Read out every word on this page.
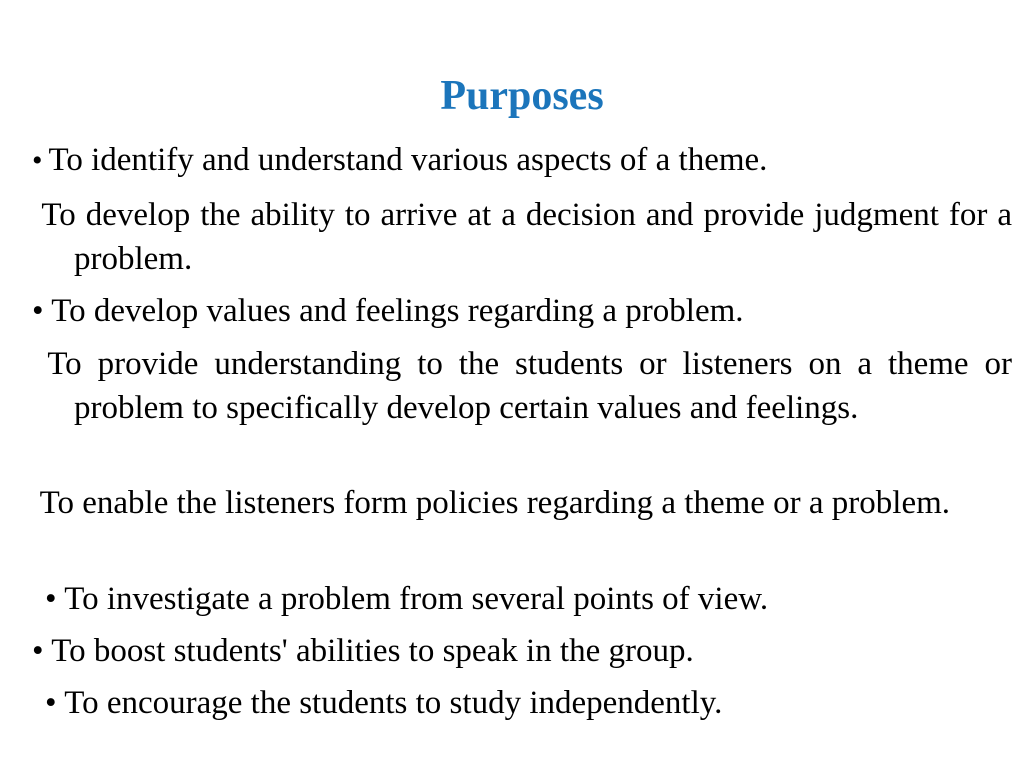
Purposes
• To identify and understand various aspects of a theme.
To develop the ability to arrive at a decision and provide judgment for a problem.
• To develop values and feelings regarding a problem.
To provide understanding to the students or listeners on a theme or problem to specifically develop certain values and feelings.
To enable the listeners form policies regarding a theme or a problem.
• To investigate a problem from several points of view.
• To boost students' abilities to speak in the group.
• To encourage the students to study independently.
